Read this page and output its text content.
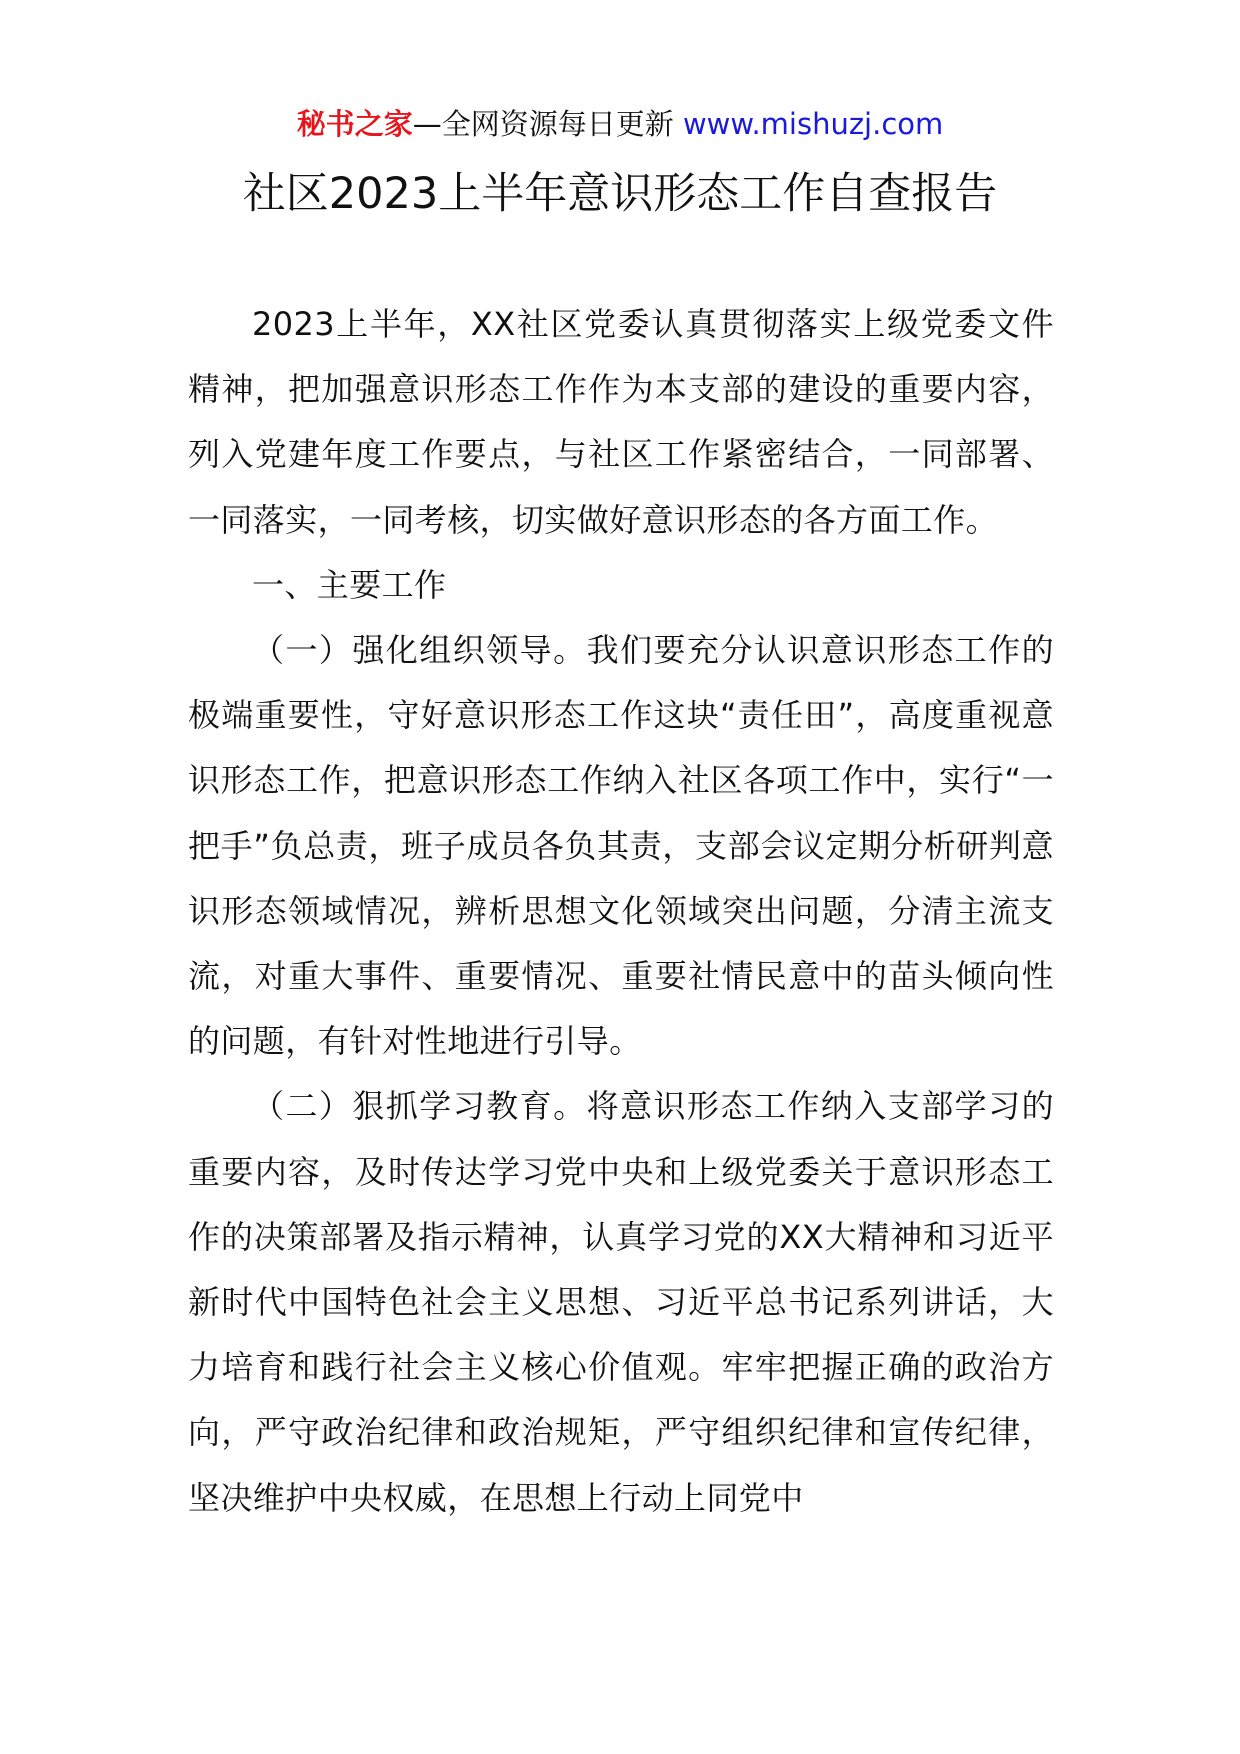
秘书之家—全网资源每日更新 www.mishuzj.com
社区2023上半年意识形态工作自查报告

2023上半年，XX社区党委认真贯彻落实上级党委文件精神，把加强意识形态工作作为本支部的建设的重要内容，列入党建年度工作要点，与社区工作紧密结合，一同部署、一同落实，一同考核，切实做好意识形态的各方面工作。

一、主要工作

（一）强化组织领导。我们要充分认识意识形态工作的极端重要性，守好意识形态工作这块“责任田”，高度重视意识形态工作，把意识形态工作纳入社区各项工作中，实行“一把手”负总责，班子成员各负其责，支部会议定期分析研判意识形态领域情况，辨析思想文化领域突出问题，分清主流支流，对重大事件、重要情况、重要社情民意中的苗头倾向性的问题，有针对性地进行引导。

（二）狠抓学习教育。将意识形态工作纳入支部学习的重要内容，及时传达学习党中央和上级党委关于意识形态工作的决策部署及指示精神，认真学习党的XX大精神和习近平新时代中国特色社会主义思想、习近平总书记系列讲话，大力培育和践行社会主义核心价值观。牢牢把握正确的政治方向，严守政治纪律和政治规矩，严守组织纪律和宣传纪律，坚决维护中央权威，在思想上行动上同党中
